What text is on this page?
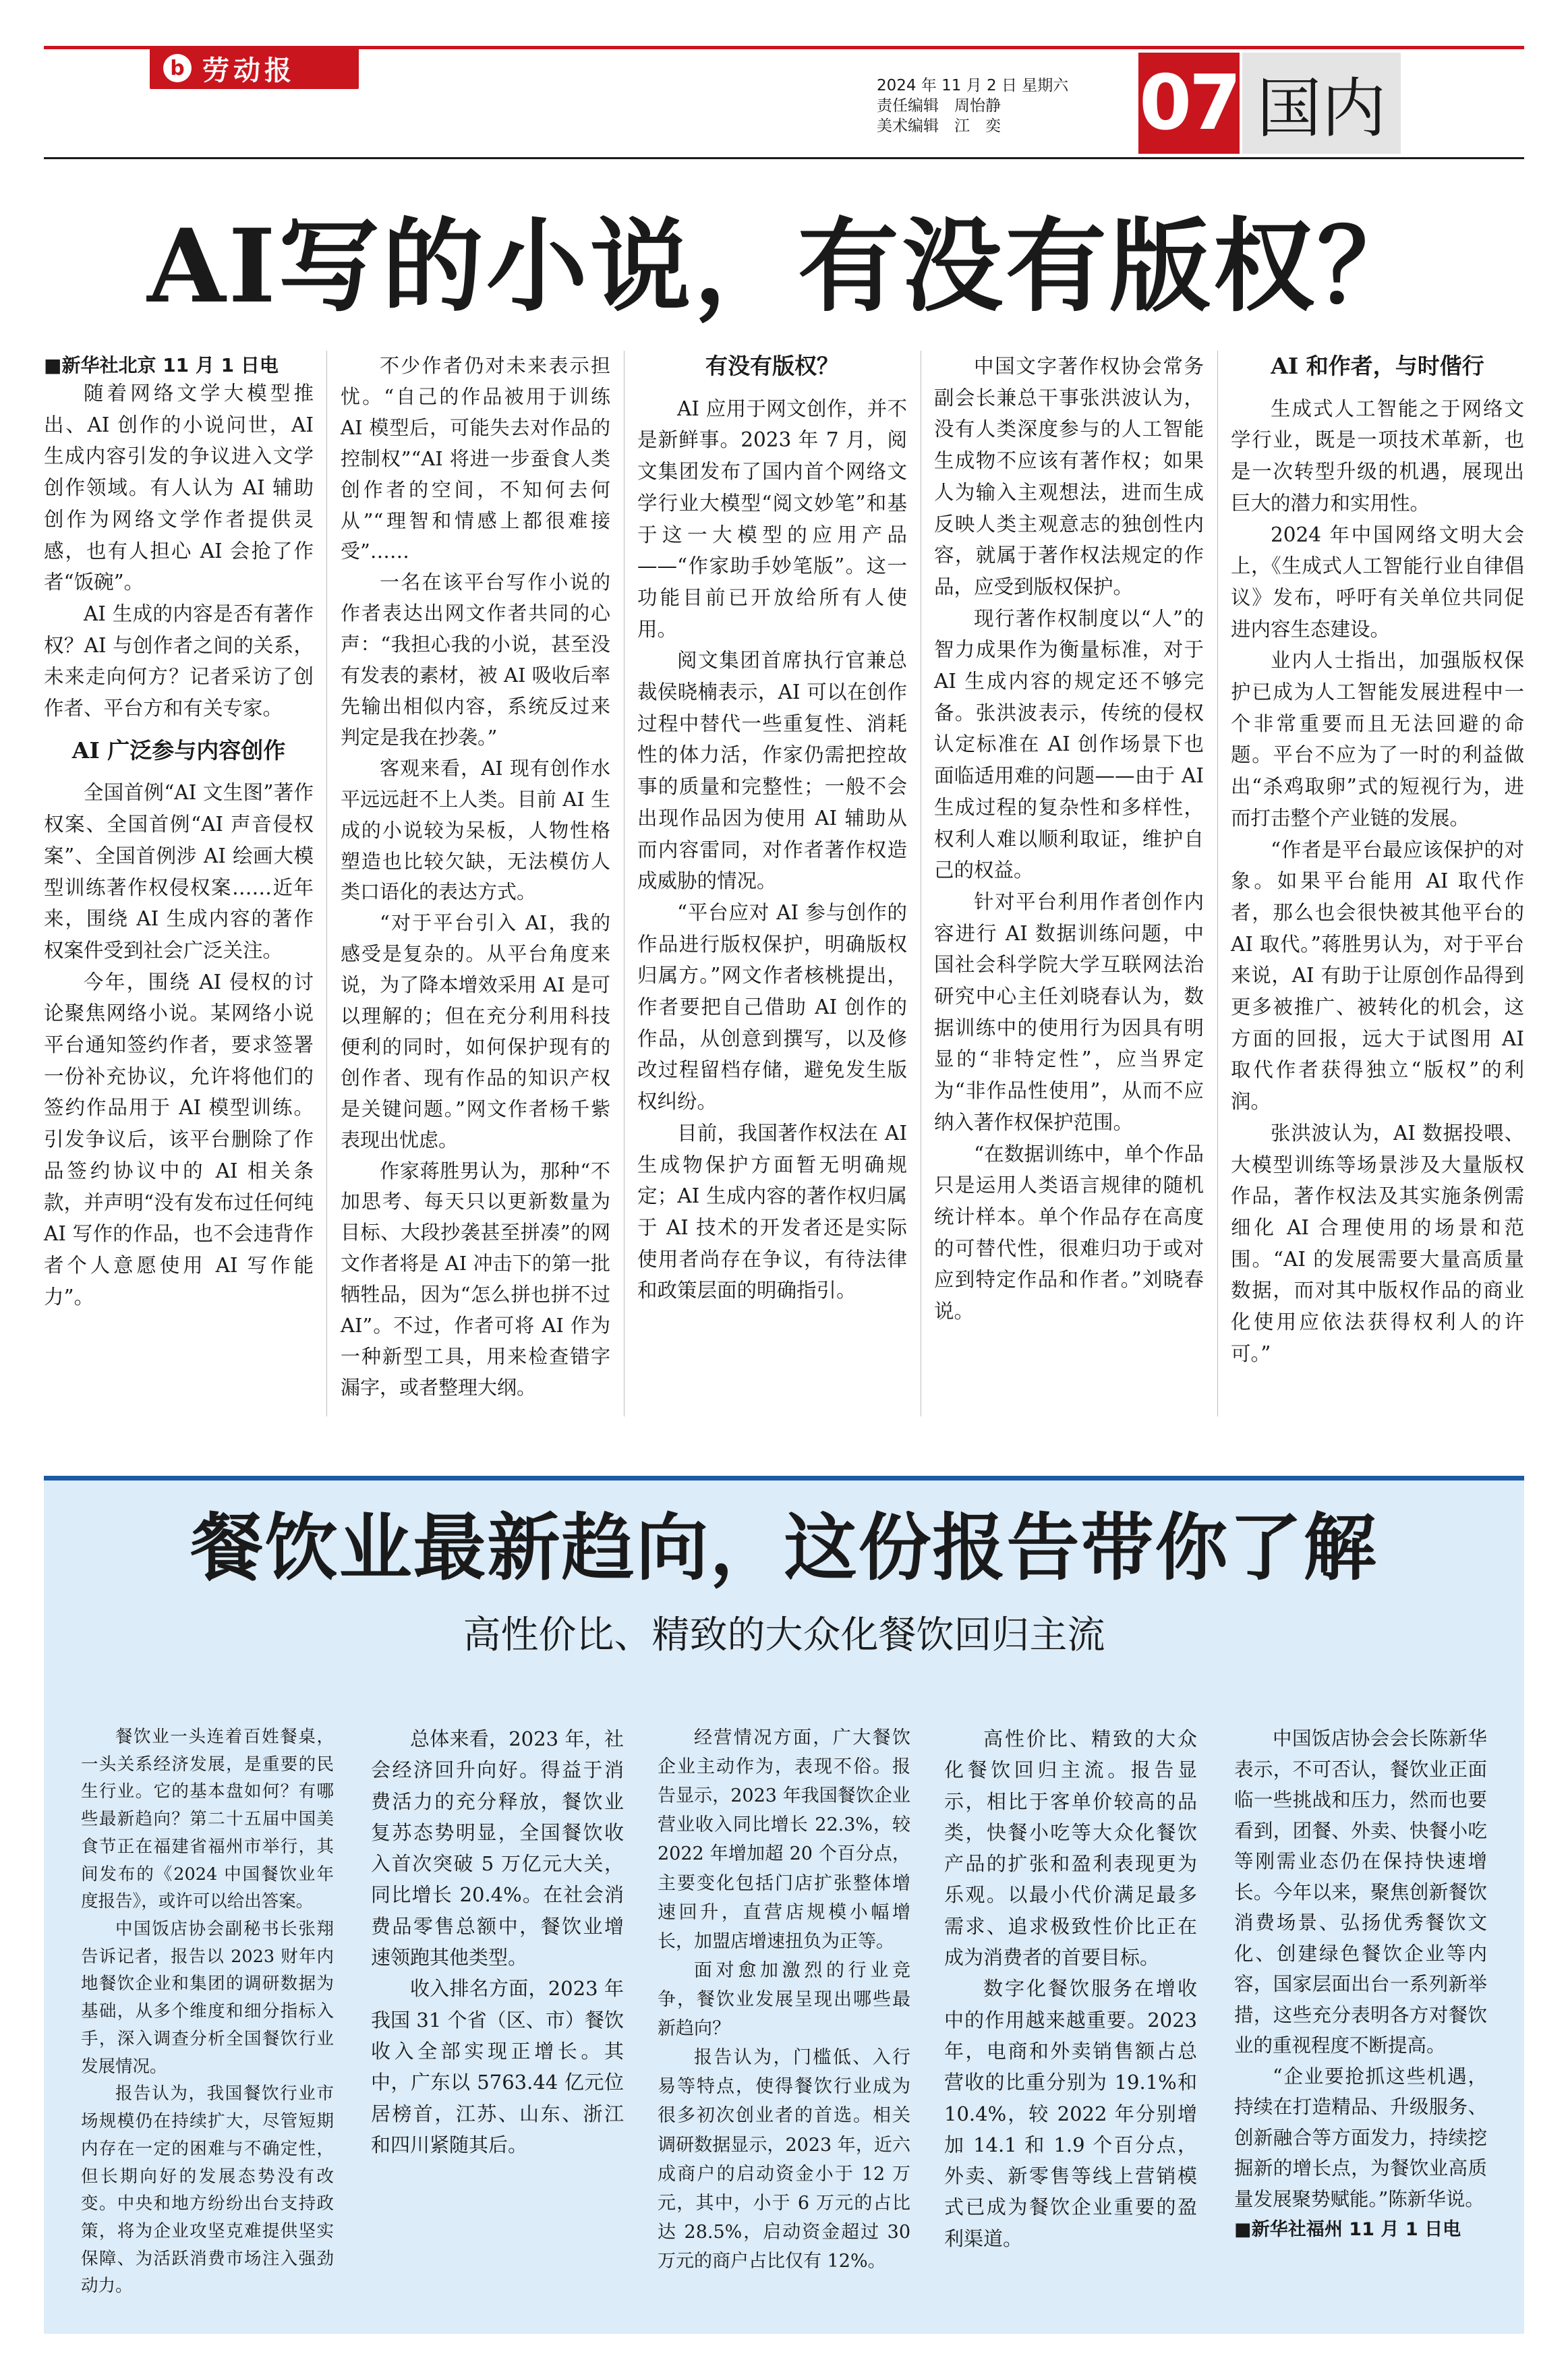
b 劳动报	2024 年 11 月 2 日 星期六
责任编辑　周怡静
美术编辑　江　奕	07 国内
AI写的小说，有没有版权？

■新华社北京 11 月 1 日电

随着网络文学大模型推出、AI 创作的小说问世，AI 生成内容引发的争议进入文学创作领域。有人认为 AI 辅助创作为网络文学作者提供灵感，也有人担心 AI 会抢了作者“饭碗”。

AI 生成的内容是否有著作权？AI 与创作者之间的关系，未来走向何方？记者采访了创作者、平台方和有关专家。

AI 广泛参与内容创作

全国首例“AI 文生图”著作权案、全国首例“AI 声音侵权案”、全国首例涉 AI 绘画大模型训练著作权侵权案……近年来，围绕 AI 生成内容的著作权案件受到社会广泛关注。

今年，围绕 AI 侵权的讨论聚焦网络小说。某网络小说平台通知签约作者，要求签署一份补充协议，允许将他们的签约作品用于 AI 模型训练。引发争议后，该平台删除了作品签约协议中的 AI 相关条款，并声明“没有发布过任何纯 AI 写作的作品，也不会违背作者个人意愿使用 AI 写作能力”。

不少作者仍对未来表示担忧。“自己的作品被用于训练 AI 模型后，可能失去对作品的控制权”“AI 将进一步蚕食人类创作者的空间，不知何去何从”“理智和情感上都很难接受”……

一名在该平台写作小说的作者表达出网文作者共同的心声：“我担心我的小说，甚至没有发表的素材，被 AI 吸收后率先输出相似内容，系统反过来判定是我在抄袭。”

客观来看，AI 现有创作水平远远赶不上人类。目前 AI 生成的小说较为呆板，人物性格塑造也比较欠缺，无法模仿人类口语化的表达方式。

“对于平台引入 AI，我的感受是复杂的。从平台角度来说，为了降本增效采用 AI 是可以理解的；但在充分利用科技便利的同时，如何保护现有的创作者、现有作品的知识产权是关键问题。”网文作者杨千紫表现出忧虑。

作家蒋胜男认为，那种“不加思考、每天只以更新数量为目标、大段抄袭甚至拼凑”的网文作者将是 AI 冲击下的第一批牺牲品，因为“怎么拼也拼不过 AI”。不过，作者可将 AI 作为一种新型工具，用来检查错字漏字，或者整理大纲。

有没有版权？

AI 应用于网文创作，并不是新鲜事。2023 年 7 月，阅文集团发布了国内首个网络文学行业大模型“阅文妙笔”和基于这一大模型的应用产品——“作家助手妙笔版”。这一功能目前已开放给所有人使用。

阅文集团首席执行官兼总裁侯晓楠表示，AI 可以在创作过程中替代一些重复性、消耗性的体力活，作家仍需把控故事的质量和完整性；一般不会出现作品因为使用 AI 辅助从而内容雷同，对作者著作权造成威胁的情况。

“平台应对 AI 参与创作的作品进行版权保护，明确版权归属方。”网文作者核桃提出，作者要把自己借助 AI 创作的作品，从创意到撰写，以及修改过程留档存储，避免发生版权纠纷。

目前，我国著作权法在 AI 生成物保护方面暂无明确规定；AI 生成内容的著作权归属于 AI 技术的开发者还是实际使用者尚存在争议，有待法律和政策层面的明确指引。

中国文字著作权协会常务副会长兼总干事张洪波认为，没有人类深度参与的人工智能生成物不应该有著作权；如果人为输入主观想法，进而生成反映人类主观意志的独创性内容，就属于著作权法规定的作品，应受到版权保护。

现行著作权制度以“人”的智力成果作为衡量标准，对于 AI 生成内容的规定还不够完备。张洪波表示，传统的侵权认定标准在 AI 创作场景下也面临适用难的问题——由于 AI 生成过程的复杂性和多样性，权利人难以顺利取证，维护自己的权益。

针对平台利用作者创作内容进行 AI 数据训练问题，中国社会科学院大学互联网法治研究中心主任刘晓春认为，数据训练中的使用行为因具有明显的“非特定性”，应当界定为“非作品性使用”，从而不应纳入著作权保护范围。

“在数据训练中，单个作品只是运用人类语言规律的随机统计样本。单个作品存在高度的可替代性，很难归功于或对应到特定作品和作者。”刘晓春说。

AI 和作者，与时偕行

生成式人工智能之于网络文学行业，既是一项技术革新，也是一次转型升级的机遇，展现出巨大的潜力和实用性。

2024 年中国网络文明大会上，《生成式人工智能行业自律倡议》发布，呼吁有关单位共同促进内容生态建设。

业内人士指出，加强版权保护已成为人工智能发展进程中一个非常重要而且无法回避的命题。平台不应为了一时的利益做出“杀鸡取卵”式的短视行为，进而打击整个产业链的发展。

“作者是平台最应该保护的对象。如果平台能用 AI 取代作者，那么也会很快被其他平台的 AI 取代。”蒋胜男认为，对于平台来说，AI 有助于让原创作品得到更多被推广、被转化的机会，这方面的回报，远大于试图用 AI 取代作者获得独立“版权”的利润。

张洪波认为，AI 数据投喂、大模型训练等场景涉及大量版权作品，著作权法及其实施条例需细化 AI 合理使用的场景和范围。“AI 的发展需要大量高质量数据，而对其中版权作品的商业化使用应依法获得权利人的许可。”

餐饮业最新趋向，这份报告带你了解
高性价比、精致的大众化餐饮回归主流

餐饮业一头连着百姓餐桌，一头关系经济发展，是重要的民生行业。它的基本盘如何？有哪些最新趋向？第二十五届中国美食节正在福建省福州市举行，其间发布的《2024 中国餐饮业年度报告》，或许可以给出答案。

中国饭店协会副秘书长张翔告诉记者，报告以 2023 财年内地餐饮企业和集团的调研数据为基础，从多个维度和细分指标入手，深入调查分析全国餐饮行业发展情况。

报告认为，我国餐饮行业市场规模仍在持续扩大，尽管短期内存在一定的困难与不确定性，但长期向好的发展态势没有改变。中央和地方纷纷出台支持政策，将为企业攻坚克难提供坚实保障、为活跃消费市场注入强劲动力。

总体来看，2023 年，社会经济回升向好。得益于消费活力的充分释放，餐饮业复苏态势明显，全国餐饮收入首次突破 5 万亿元大关，同比增长 20.4%。在社会消费品零售总额中，餐饮业增速领跑其他类型。

收入排名方面，2023 年我国 31 个省（区、市）餐饮收入全部实现正增长。其中，广东以 5763.44 亿元位居榜首，江苏、山东、浙江和四川紧随其后。

经营情况方面，广大餐饮企业主动作为，表现不俗。报告显示，2023 年我国餐饮企业营业收入同比增长 22.3%，较 2022 年增加超 20 个百分点，主要变化包括门店扩张整体增速回升，直营店规模小幅增长，加盟店增速扭负为正等。

面对愈加激烈的行业竞争，餐饮业发展呈现出哪些最新趋向？

报告认为，门槛低、入行易等特点，使得餐饮行业成为很多初次创业者的首选。相关调研数据显示，2023 年，近六成商户的启动资金小于 12 万元，其中，小于 6 万元的占比达 28.5%，启动资金超过 30 万元的商户占比仅有 12%。

高性价比、精致的大众化餐饮回归主流。报告显示，相比于客单价较高的品类，快餐小吃等大众化餐饮产品的扩张和盈利表现更为乐观。以最小代价满足最多需求、追求极致性价比正在成为消费者的首要目标。

数字化餐饮服务在增收中的作用越来越重要。2023 年，电商和外卖销售额占总营收的比重分别为 19.1%和 10.4%，较 2022 年分别增加 14.1 和 1.9 个百分点，外卖、新零售等线上营销模式已成为餐饮企业重要的盈利渠道。

中国饭店协会会长陈新华表示，不可否认，餐饮业正面临一些挑战和压力，然而也要看到，团餐、外卖、快餐小吃等刚需业态仍在保持快速增长。今年以来，聚焦创新餐饮消费场景、弘扬优秀餐饮文化、创建绿色餐饮企业等内容，国家层面出台一系列新举措，这些充分表明各方对餐饮业的重视程度不断提高。

“企业要抢抓这些机遇，持续在打造精品、升级服务、创新融合等方面发力，持续挖掘新的增长点，为餐饮业高质量发展聚势赋能。”陈新华说。

■新华社福州 11 月 1 日电
